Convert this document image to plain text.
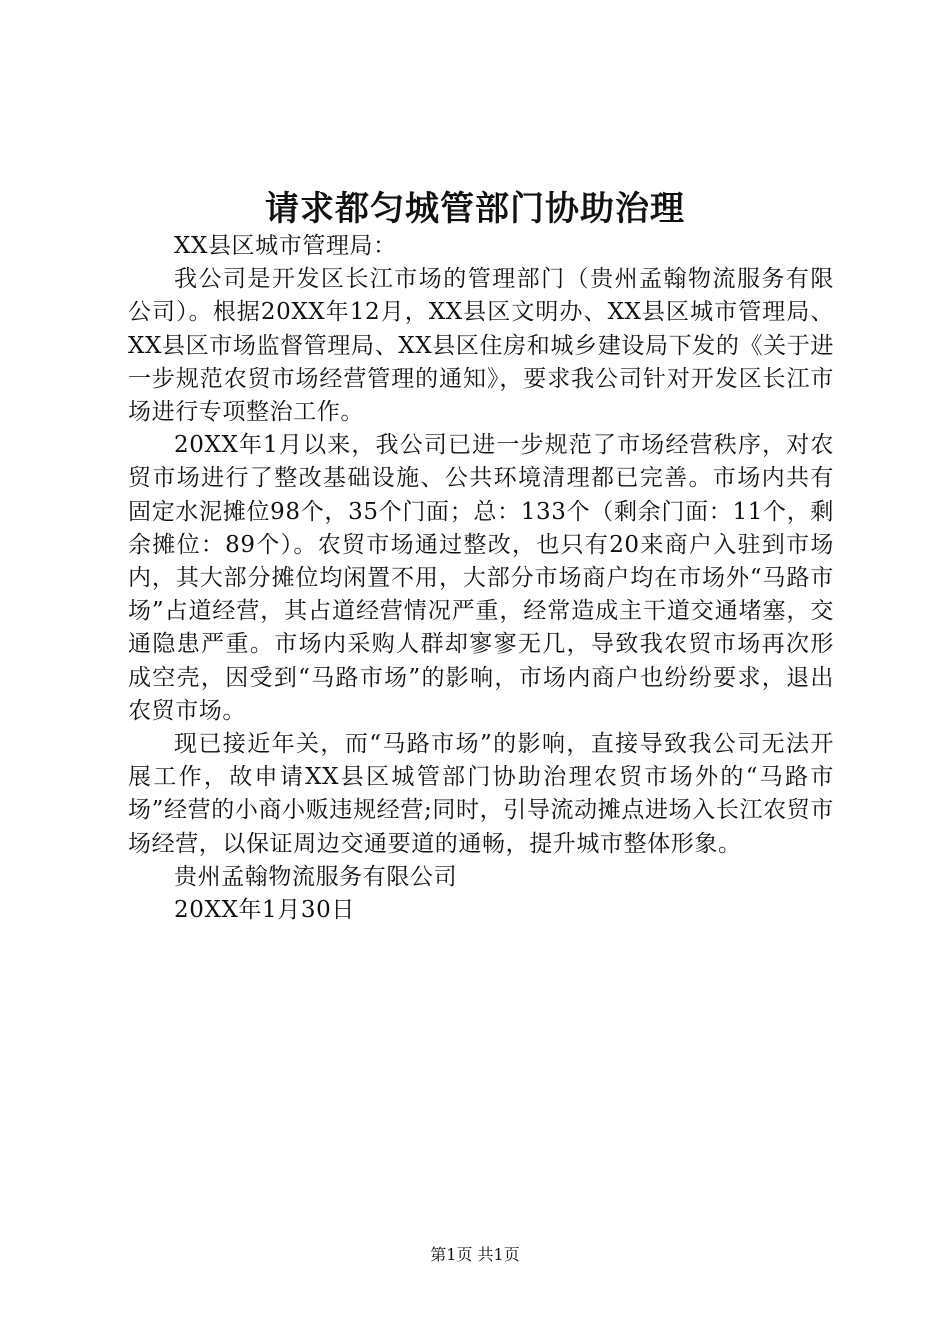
请求都匀城管部门协助治理

XX县区城市管理局：

我公司是开发区长江市场的管理部门（贵州孟翰物流服务有限公司）。根据20XX年12月，XX县区文明办、XX县区城市管理局、XX县区市场监督管理局、XX县区住房和城乡建设局下发的《关于进一步规范农贸市场经营管理的通知》，要求我公司针对开发区长江市场进行专项整治工作。

20XX年1月以来，我公司已进一步规范了市场经营秩序，对农贸市场进行了整改基础设施、公共环境清理都已完善。市场内共有固定水泥摊位98个，35个门面；总：133个（剩余门面：11个，剩余摊位：89个）。农贸市场通过整改，也只有20来商户入驻到市场内，其大部分摊位均闲置不用，大部分市场商户均在市场外“马路市场”占道经营，其占道经营情况严重，经常造成主干道交通堵塞，交通隐患严重。市场内采购人群却寥寥无几，导致我农贸市场再次形成空壳，因受到“马路市场”的影响，市场内商户也纷纷要求，退出农贸市场。

现已接近年关，而“马路市场”的影响，直接导致我公司无法开展工作，故申请XX县区城管部门协助治理农贸市场外的“马路市场”经营的小商小贩违规经营;同时，引导流动摊点进场入长江农贸市场经营，以保证周边交通要道的通畅，提升城市整体形象。

贵州孟翰物流服务有限公司

20XX年1月30日

第1页 共1页
